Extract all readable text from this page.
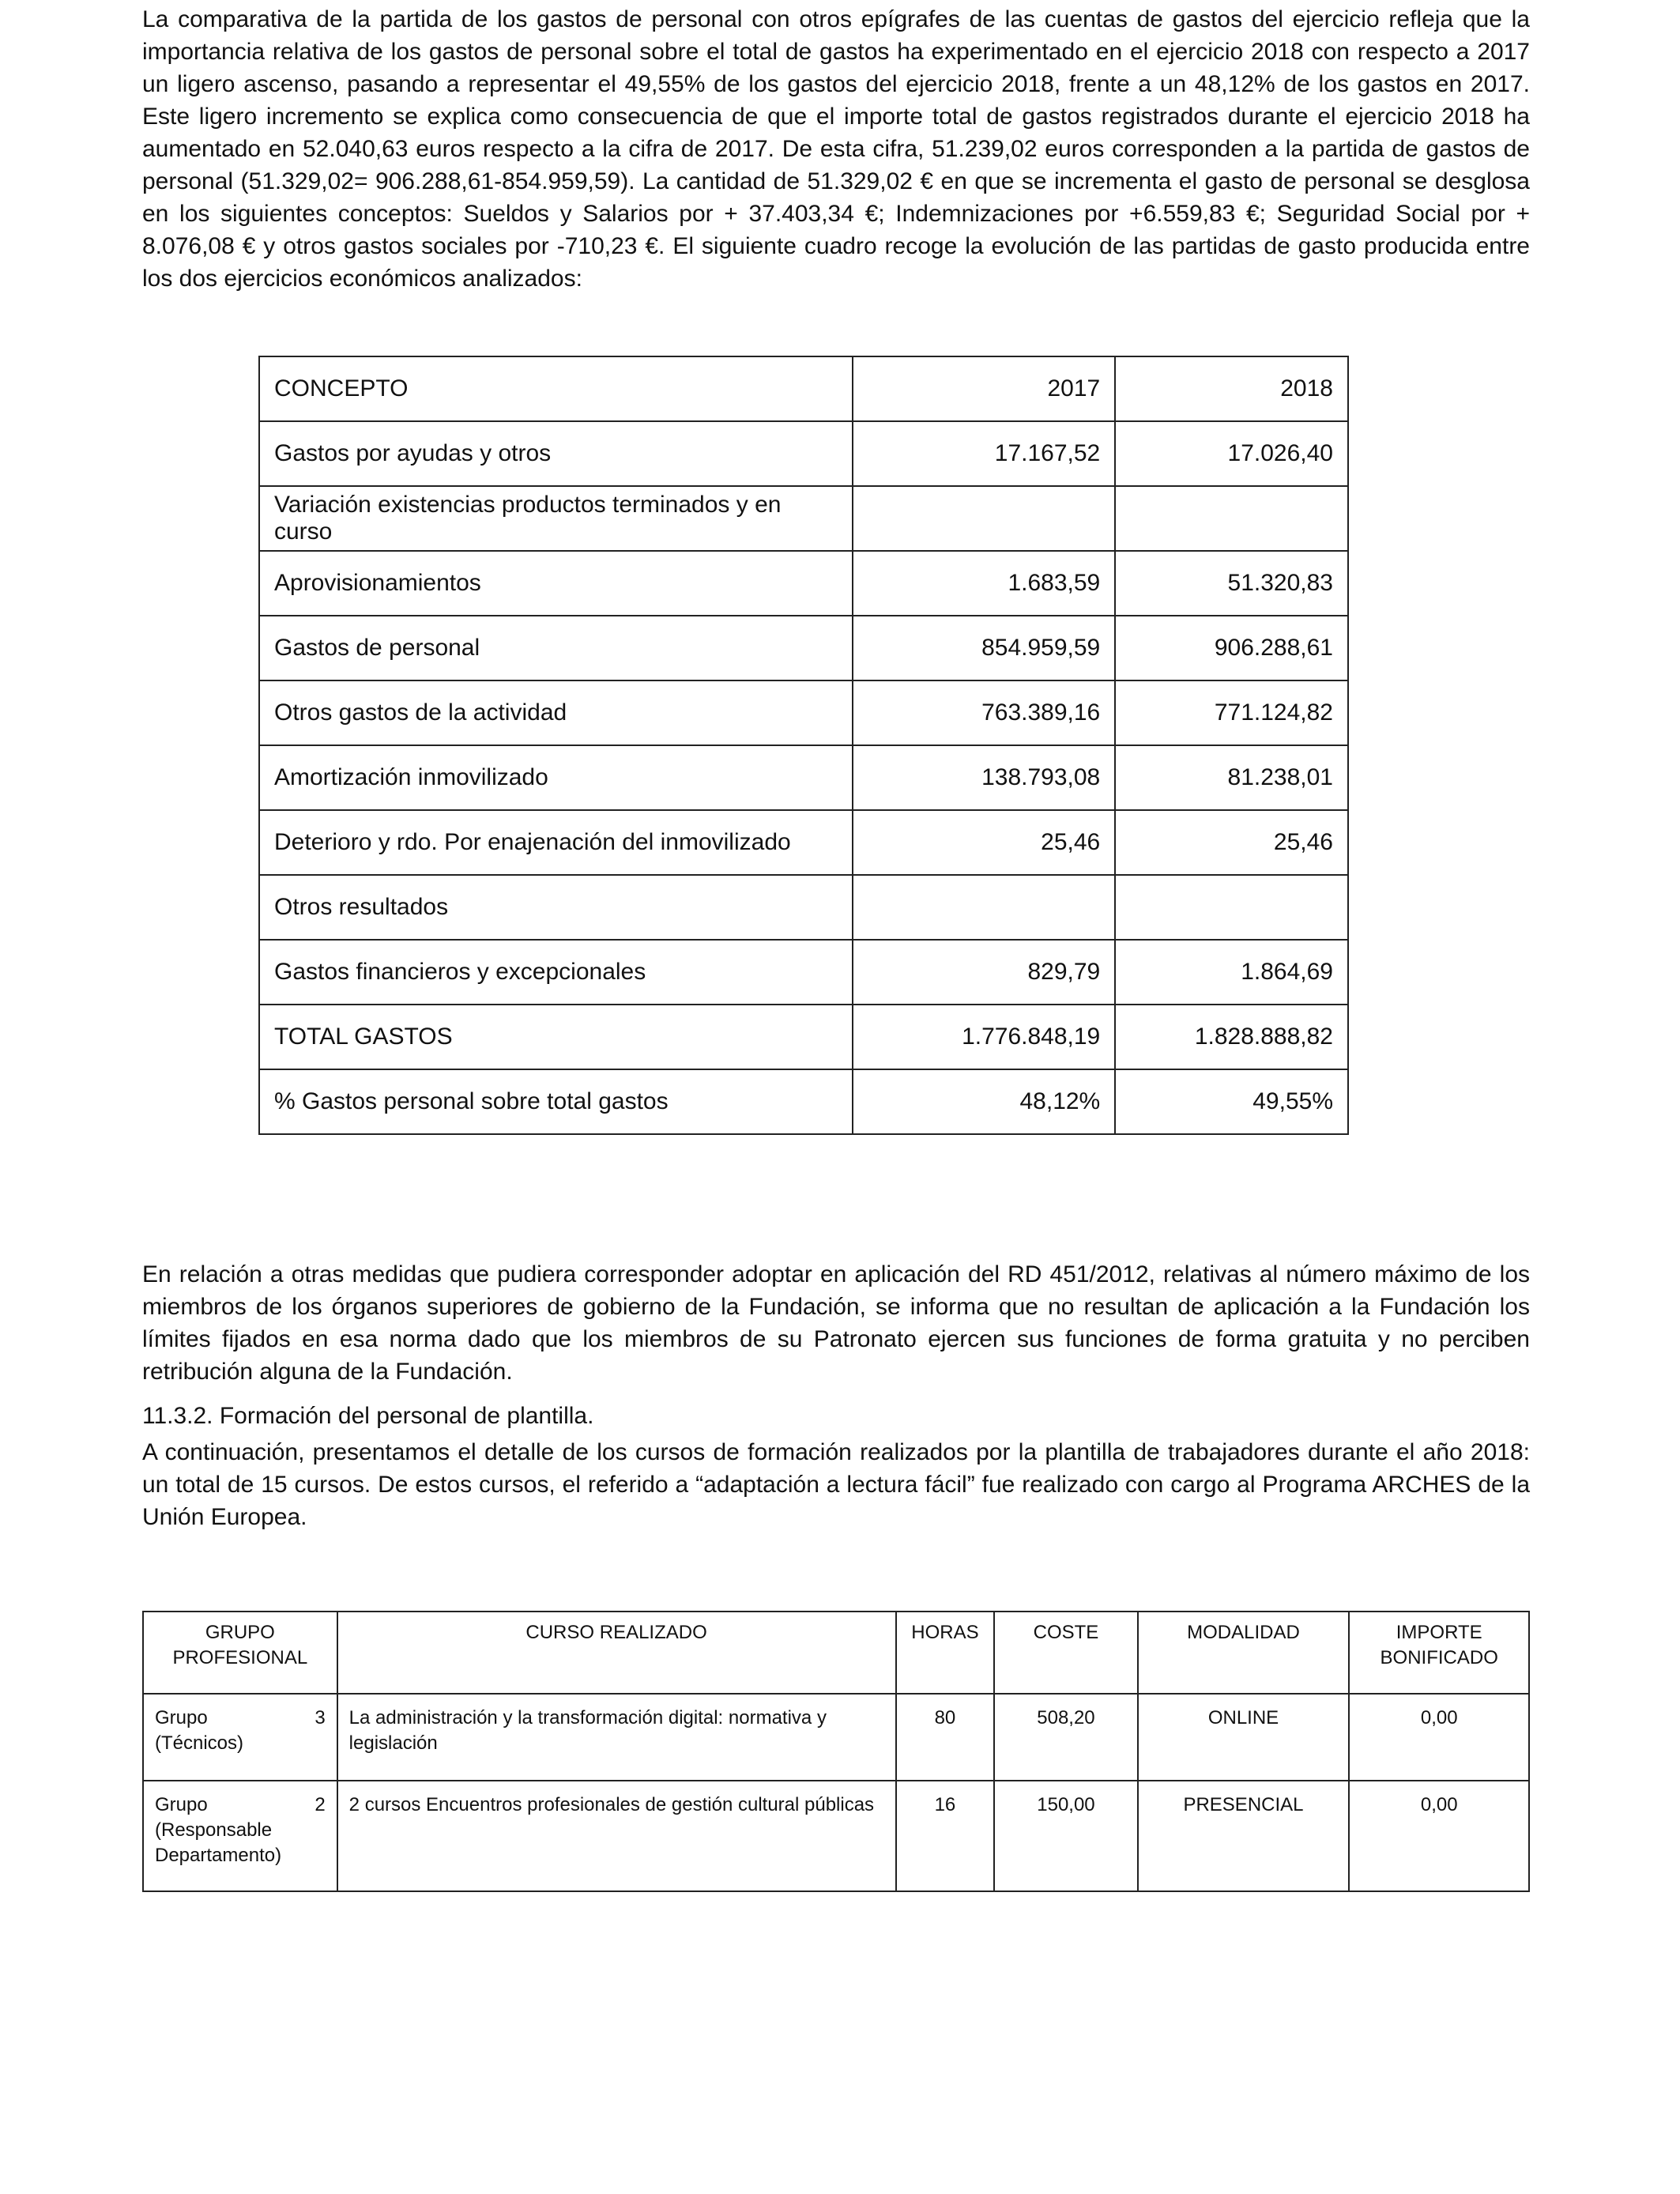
La comparativa de la partida de los gastos de personal con otros epígrafes de las cuentas de gastos del ejercicio refleja que la importancia relativa de los gastos de personal sobre el total de gastos ha experimentado en el ejercicio 2018 con respecto a 2017 un ligero ascenso, pasando a representar el 49,55% de los gastos del ejercicio 2018, frente a un 48,12% de los gastos en 2017. Este ligero incremento se explica como consecuencia de que el importe total de gastos registrados durante el ejercicio 2018 ha aumentado en 52.040,63 euros respecto a la cifra de 2017. De esta cifra, 51.239,02 euros corresponden a la partida de gastos de personal (51.329,02= 906.288,61-854.959,59). La cantidad de 51.329,02 € en que se incrementa el gasto de personal se desglosa en los siguientes conceptos: Sueldos y Salarios por + 37.403,34 €; Indemnizaciones por +6.559,83 €; Seguridad Social por + 8.076,08 € y otros gastos sociales por -710,23 €. El siguiente cuadro recoge la evolución de las partidas de gasto producida entre los dos ejercicios económicos analizados:

CONCEPTO	2017	2018
Gastos por ayudas y otros	17.167,52	17.026,40
Variación existencias productos terminados y en curso		
Aprovisionamientos	1.683,59	51.320,83
Gastos de personal	854.959,59	906.288,61
Otros gastos de la actividad	763.389,16	771.124,82
Amortización inmovilizado	138.793,08	81.238,01
Deterioro y rdo. Por enajenación del inmovilizado	25,46	25,46
Otros resultados		
Gastos financieros y excepcionales	829,79	1.864,69
TOTAL GASTOS	1.776.848,19	1.828.888,82
% Gastos personal sobre total gastos	48,12%	49,55%

En relación a otras medidas que pudiera corresponder adoptar en aplicación del RD 451/2012, relativas al número máximo de los miembros de los órganos superiores de gobierno de la Fundación, se informa que no resultan de aplicación a la Fundación los límites fijados en esa norma dado que los miembros de su Patronato ejercen sus funciones de forma gratuita y no perciben retribución alguna de la Fundación.

11.3.2. Formación del personal de plantilla.

A continuación, presentamos el detalle de los cursos de formación realizados por la plantilla de trabajadores durante el año 2018: un total de 15 cursos. De estos cursos, el referido a “adaptación a lectura fácil” fue realizado con cargo al Programa ARCHES de la Unión Europea.

GRUPO PROFESIONAL	CURSO REALIZADO	HORAS	COSTE	MODALIDAD	IMPORTE BONIFICADO

Grupo 3
(Técnicos)	La administración y la transformación digital: normativa y legislación	80	508,20	ONLINE	0,00

Grupo 2
(Responsable Departamento)	2 cursos Encuentros profesionales de gestión cultural públicas	16	150,00	PRESENCIAL	0,00
